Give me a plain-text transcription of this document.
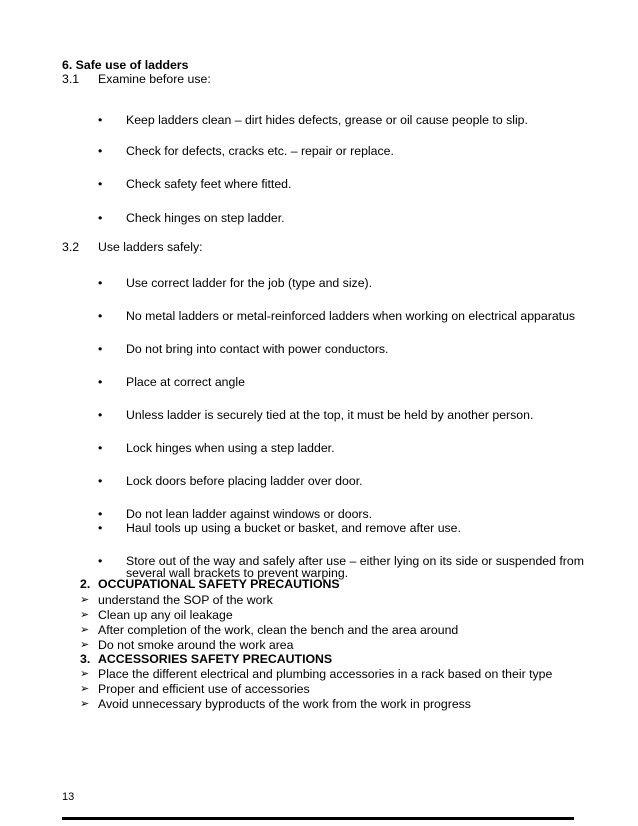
6. Safe use of ladders
3.1 Examine before use:
•	Keep ladders clean – dirt hides defects, grease or oil cause people to slip.
•	Check for defects, cracks etc. – repair or replace.
•	Check safety feet where fitted.
•	Check hinges on step ladder.
3.2 Use ladders safely:
•	Use correct ladder for the job (type and size).
•	No metal ladders or metal-reinforced ladders when working on electrical apparatus
•	Do not bring into contact with power conductors.
•	Place at correct angle
•	Unless ladder is securely tied at the top, it must be held by another person.
•	Lock hinges when using a step ladder.
•	Lock doors before placing ladder over door.
•	Do not lean ladder against windows or doors.
•	Haul tools up using a bucket or basket, and remove after use.
•	Store out of the way and safely after use – either lying on its side or suspended from
several wall brackets to prevent warping.
2. OCCUPATIONAL SAFETY PRECAUTIONS
➢ understand the SOP of the work
➢ Clean up any oil leakage
➢ After completion of the work, clean the bench and the area around
➢ Do not smoke around the work area
3. ACCESSORIES SAFETY PRECAUTIONS
➢ Place the different electrical and plumbing accessories in a rack based on their type
➢ Proper and efficient use of accessories
➢ Avoid unnecessary byproducts of the work from the work in progress
13
